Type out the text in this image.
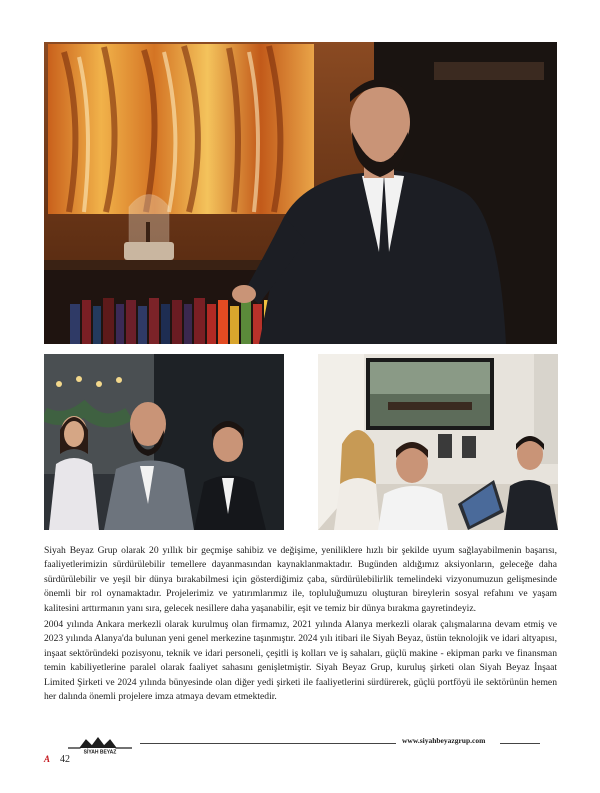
Siyah Beyaz Grup olarak 20 yıllık bir geçmişe sahibiz ve değişime, yeniliklere hızlı bir şekilde uyum sağlayabilmenin başarısı, faaliyetlerimizin sürdürülebilir temellere dayanmasından kaynaklanmaktadır. Bugünden aldığımız aksiyonların, geleceğe daha sürdürülebilir ve yeşil bir dünya bırakabilmesi için gösterdiğimiz çaba, sürdürülebilirlik temelindeki vizyonumuzun gelişmesinde önemli bir rol oynamaktadır. Projelerimiz ve yatırımlarımız ile, topluluğumuzu oluşturan bireylerin sosyal refahını ve yaşam kalitesini arttırmanın yanı sıra, gelecek nesillere daha yaşanabilir, eşit ve temiz bir dünya bırakma gayretindeyiz.

2004 yılında Ankara merkezli olarak kurulmuş olan firmamız, 2021 yılında Alanya merkezli olarak çalışmalarına devam etmiş ve 2023 yılında Alanya'da bulunan yeni genel merkezine taşınmıştır. 2024 yılı itibari ile Siyah Beyaz, üstün teknolojik ve idari altyapısı, inşaat sektöründeki pozisyonu, teknik ve idari personeli, çeşitli iş kolları ve iş sahaları, güçlü makine - ekipman parkı ve finansman temin kabiliyetlerine paralel olarak faaliyet sahasını genişletmiştir. Siyah Beyaz Grup, kuruluş şirketi olan Siyah Beyaz İnşaat Limited Şirketi ve 2024 yılında bünyesinde olan diğer yedi şirketi ile faaliyetlerini sürdürerek, güçlü portföyü ile sektörünün hemen her dalında önemli projelere imza atmaya devam etmektedir.

SİYAH BEYAZ
www.siyahbeyazgrup.com
A 42
